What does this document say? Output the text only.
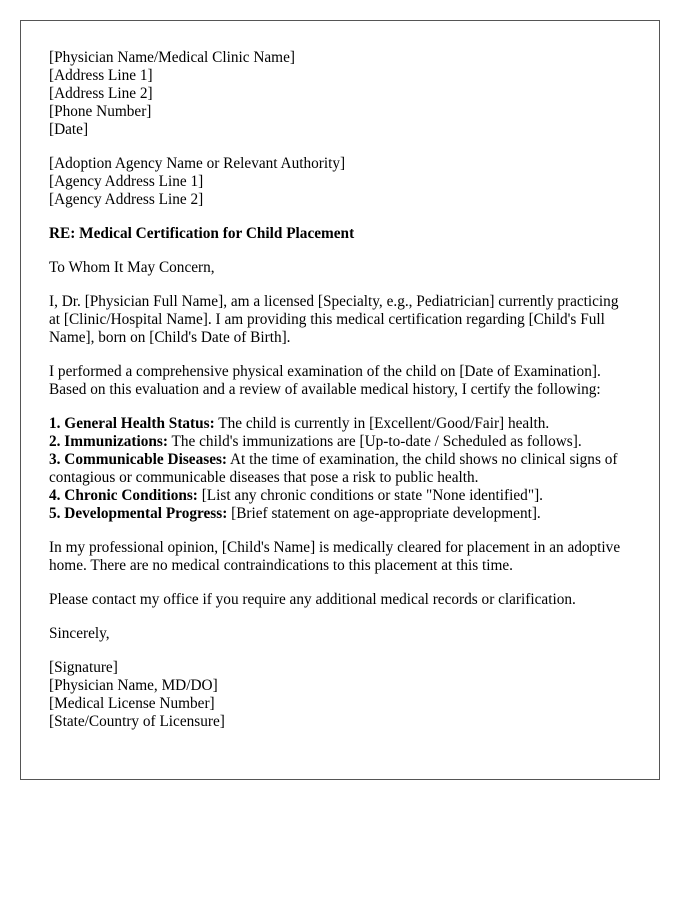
[Physician Name/Medical Clinic Name]
[Address Line 1]
[Address Line 2]
[Phone Number]
[Date]
[Adoption Agency Name or Relevant Authority]
[Agency Address Line 1]
[Agency Address Line 2]

RE: Medical Certification for Child Placement

To Whom It May Concern,

I, Dr. [Physician Full Name], am a licensed [Specialty, e.g., Pediatrician] currently practicing at [Clinic/Hospital Name]. I am providing this medical certification regarding [Child's Full Name], born on [Child's Date of Birth].

I performed a comprehensive physical examination of the child on [Date of Examination]. Based on this evaluation and a review of available medical history, I certify the following:

1. General Health Status: The child is currently in [Excellent/Good/Fair] health.
2. Immunizations: The child's immunizations are [Up-to-date / Scheduled as follows].
3. Communicable Diseases: At the time of examination, the child shows no clinical signs of contagious or communicable diseases that pose a risk to public health.
4. Chronic Conditions: [List any chronic conditions or state "None identified"].
5. Developmental Progress: [Brief statement on age-appropriate development].

In my professional opinion, [Child's Name] is medically cleared for placement in an adoptive home. There are no medical contraindications to this placement at this time.

Please contact my office if you require any additional medical records or clarification.

Sincerely,

[Signature]
[Physician Name, MD/DO]
[Medical License Number]
[State/Country of Licensure]
